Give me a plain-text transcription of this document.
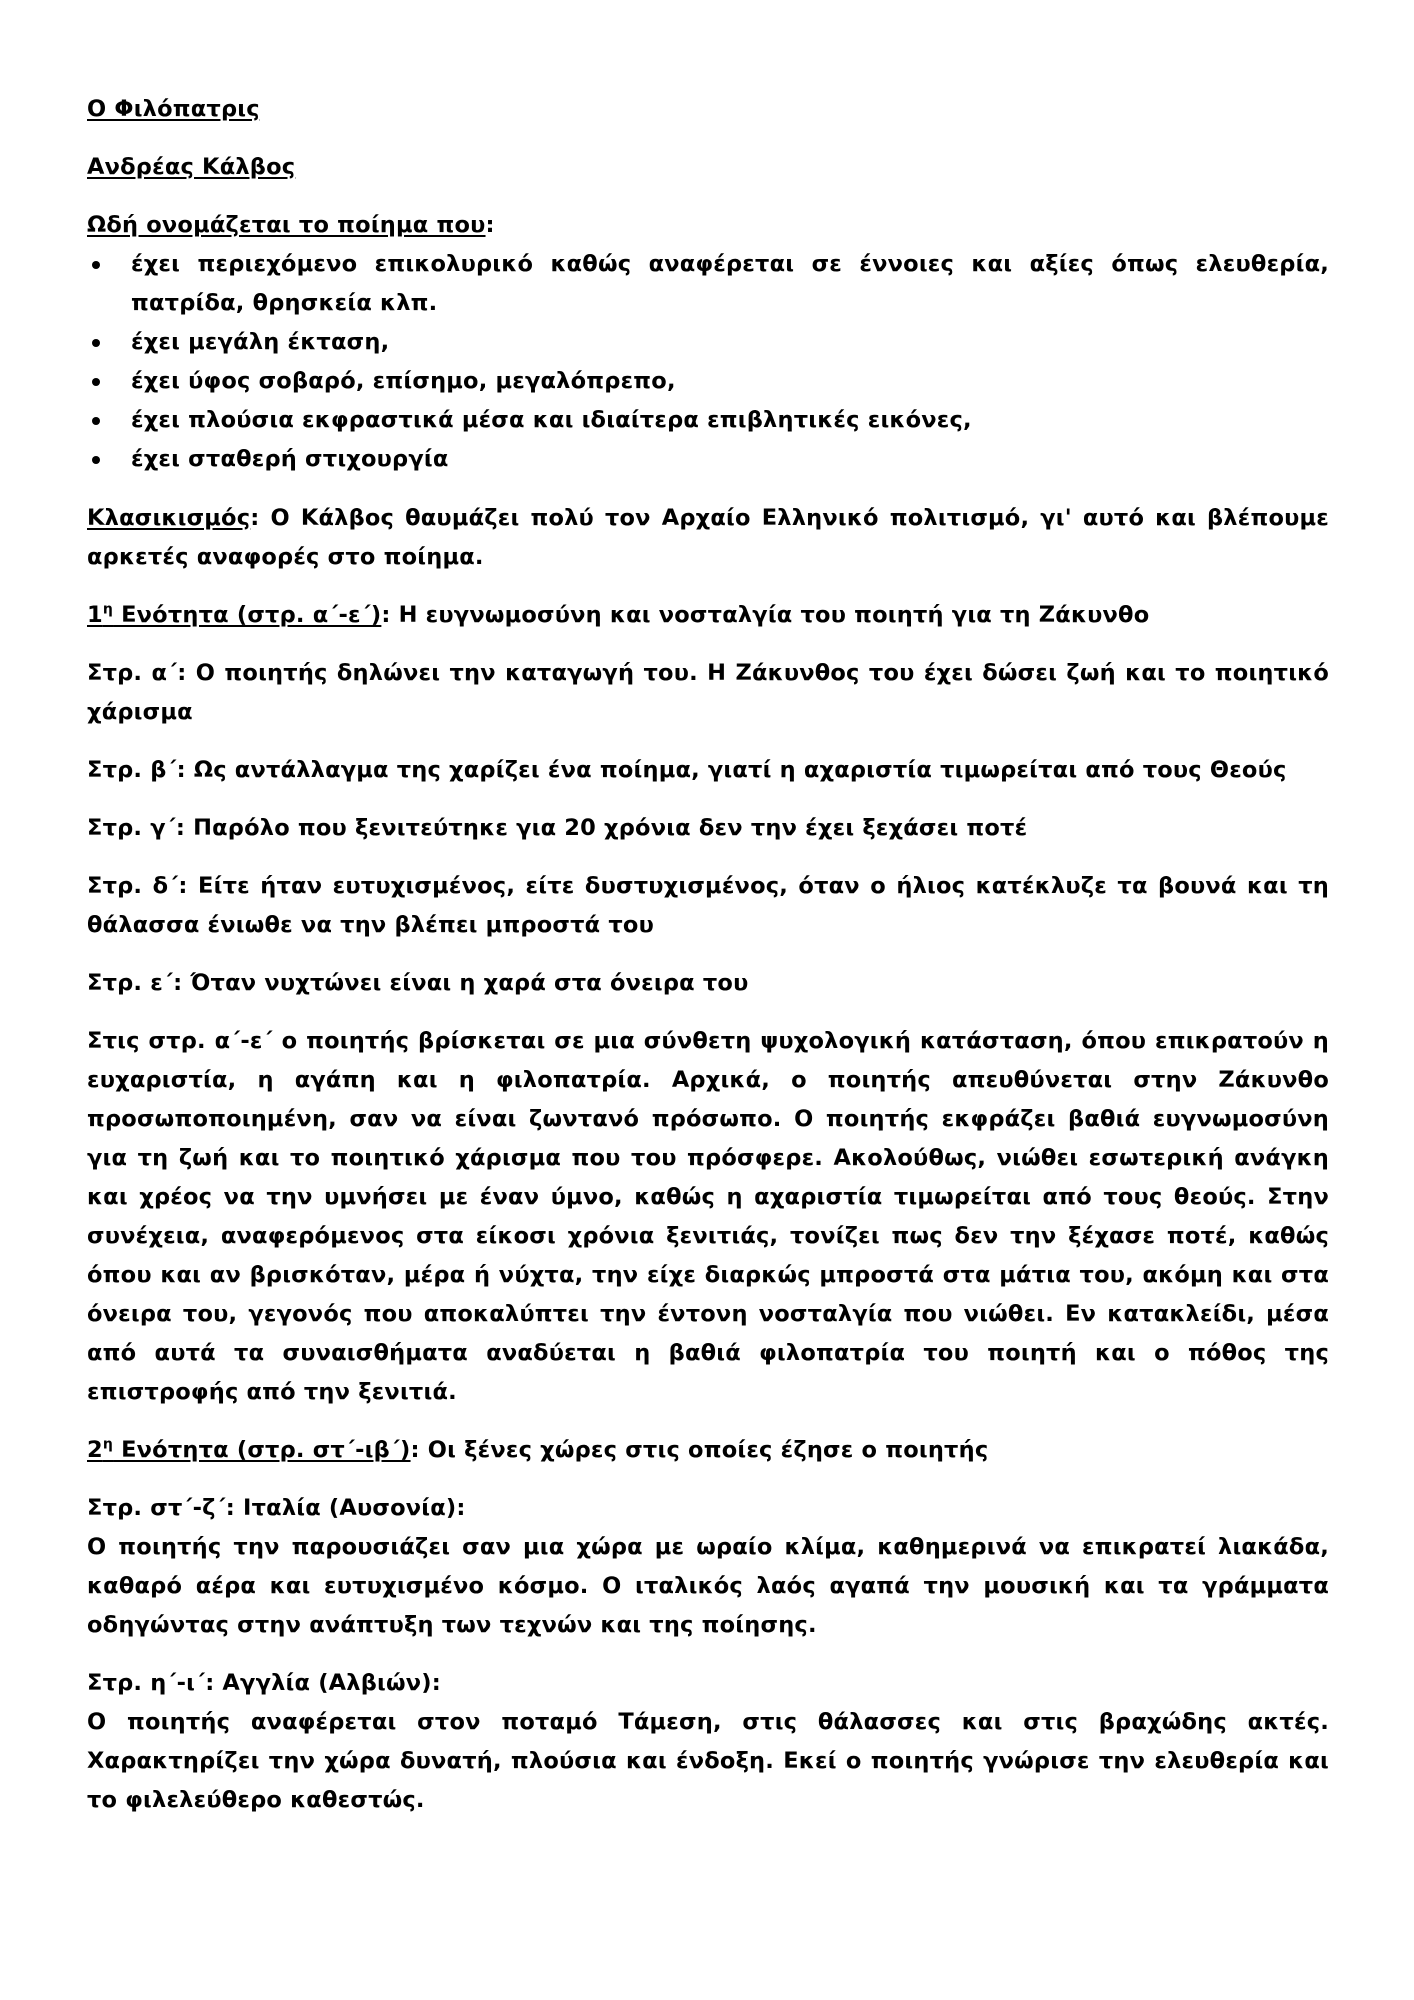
Ο Φιλόπατρις

Ανδρέας Κάλβος

Ωδή ονομάζεται το ποίημα που:

έχει περιεχόμενο επικολυρικό καθώς αναφέρεται σε έννοιες και αξίες όπως ελευθερία, πατρίδα, θρησκεία κλπ.
έχει μεγάλη έκταση,
έχει ύφος σοβαρό, επίσημο, μεγαλόπρεπο,
έχει πλούσια εκφραστικά μέσα και ιδιαίτερα επιβλητικές εικόνες,
έχει σταθερή στιχουργία

Κλασικισμός: Ο Κάλβος θαυμάζει πολύ τον Αρχαίο Ελληνικό πολιτισμό, γι' αυτό και βλέπουμε αρκετές αναφορές στο ποίημα.

$1^\eta$ Ενότητα (στρ. α΄-ε΄): Η ευγνωμοσύνη και νοσταλγία του ποιητή για τη Ζάκυνθο

Στρ. α΄: Ο ποιητής δηλώνει την καταγωγή του. Η Ζάκυνθος του έχει δώσει ζωή και το ποιητικό χάρισμα

Στρ. β΄: Ως αντάλλαγμα της χαρίζει ένα ποίημα, γιατί η αχαριστία τιμωρείται από τους Θεούς

Στρ. γ΄: Παρόλο που ξενιτεύτηκε για 20 χρόνια δεν την έχει ξεχάσει ποτέ

Στρ. δ΄: Είτε ήταν ευτυχισμένος, είτε δυστυχισμένος, όταν ο ήλιος κατέκλυζε τα βουνά και τη θάλασσα ένιωθε να την βλέπει μπροστά του

Στρ. ε΄: Όταν νυχτώνει είναι η χαρά στα όνειρα του

Στις στρ. α΄-ε΄ ο ποιητής βρίσκεται σε μια σύνθετη ψυχολογική κατάσταση, όπου επικρατούν η ευχαριστία, η αγάπη και η φιλοπατρία. Αρχικά, ο ποιητής απευθύνεται στην Ζάκυνθο προσωποποιημένη, σαν να είναι ζωντανό πρόσωπο. Ο ποιητής εκφράζει βαθιά ευγνωμοσύνη για τη ζωή και το ποιητικό χάρισμα που του πρόσφερε. Ακολούθως, νιώθει εσωτερική ανάγκη και χρέος να την υμνήσει με έναν ύμνο, καθώς η αχαριστία τιμωρείται από τους θεούς. Στην συνέχεια, αναφερόμενος στα είκοσι χρόνια ξενιτιάς, τονίζει πως δεν την ξέχασε ποτέ, καθώς όπου και αν βρισκόταν, μέρα ή νύχτα, την είχε διαρκώς μπροστά στα μάτια του, ακόμη και στα όνειρα του, γεγονός που αποκαλύπτει την έντονη νοσταλγία που νιώθει. Εν κατακλείδι, μέσα από αυτά τα συναισθήματα αναδύεται η βαθιά φιλοπατρία του ποιητή και ο πόθος της επιστροφής από την ξενιτιά.

$2^\eta$ Ενότητα (στρ. στ΄-ιβ΄): Οι ξένες χώρες στις οποίες έζησε ο ποιητής

Στρ. στ΄-ζ΄: Ιταλία (Αυσονία):

Ο ποιητής την παρουσιάζει σαν μια χώρα με ωραίο κλίμα, καθημερινά να επικρατεί λιακάδα, καθαρό αέρα και ευτυχισμένο κόσμο. Ο ιταλικός λαός αγαπά την μουσική και τα γράμματα οδηγώντας στην ανάπτυξη των τεχνών και της ποίησης.

Στρ. η΄-ι΄: Αγγλία (Αλβιών):

Ο ποιητής αναφέρεται στον ποταμό Τάμεση, στις θάλασσες και στις βραχώδης ακτές. Χαρακτηρίζει την χώρα δυνατή, πλούσια και ένδοξη. Εκεί ο ποιητής γνώρισε την ελευθερία και το φιλελεύθερο καθεστώς.
